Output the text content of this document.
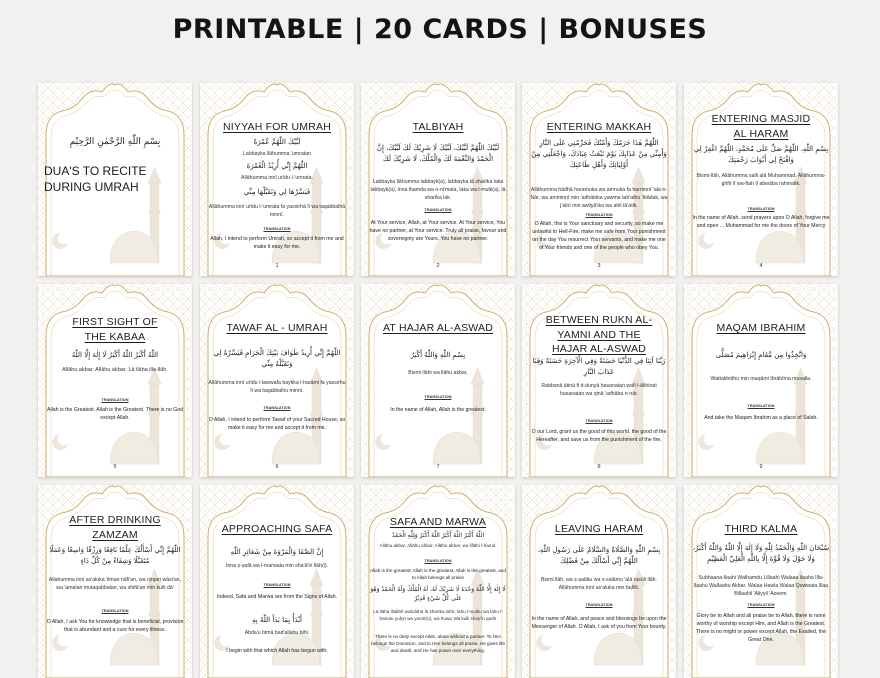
PRINTABLE | 20 CARDS | BONUSES
بِسْمِ اللّٰهِ الرَّحْمٰنِ الرَّحِيْمِ
DUA'S TO RECITE
DURING UMRAH
NIYYAH FOR UMRAH
لَبَّيْكَ اللّٰهُمَّ عُمْرَةً
Labbayka llāhumma 'umratan
اللّٰهُمَّ إِنِّي أُرِيْدُ الْعُمْرَةَ
Allāhumma innī urīdu l-'umrata.
فَيَسِّرْهَا لِي وَتَقَبَّلْهَا مِنِّي
Allāhumma innī urīdu l-'umrata fa yassirhā lī wa taqabbalhā minnī.
TRANSLATION
Allah, I intend to perform Umrah, so accept it from me and make it easy for me.
1
TALBIYAH
لَبَّيْكَ اللّٰهُمَّ لَبَّيْكَ، لَبَّيْكَ لَا شَرِيْكَ لَكَ لَبَّيْكَ، إِنَّ الْحَمْدَ وَالنِّعْمَةَ لَكَ وَالْمُلْكَ، لَا شَرِيْكَ لَكَ
Labbayka llāhumma labbayk(a), labbayka lā sharīka laka labbayk(a), inna lhamda wa n-ni'mata, laka wa l-mulk(a), lā sharīka lak.
TRANSLATION
At Your service, Allah, at Your service. At Your service, You have no partner, at Your service. Truly all praise, favour and sovereignty are Yours. You have no partner.
2
ENTERING MAKKAH
اللّٰهُمَّ هٰذَا حَرَمُكَ وَأَمْنُكَ فَحَرِّمْنِي عَلَى النَّارِ وَأَمِنِّي مِنْ عَذَابِكَ يَوْمَ تَبْعَثُ عِبَادَكَ، وَاجْعَلْنِي مِنْ أَوْلِيَائِكَ وَأَهْلِ طَاعَتِكَ
Allāhumma hādhā haramuka wa amnuka fa harrimnī 'ala-n-Nār, wa amminnī min 'adhābika yawma tab'athu 'ibādak, wa j'alnī min awliyā'ika wa ahli tā'atik.
TRANSLATION
O Allah, this is Your sanctuary and security, so make me unlawful to Hell-Fire, make me safe from Your punishment on the day You resurrect Your servants, and make me one of Your friends and one of the people who obey You.
3
ENTERING MASJID AL HARAM
بِسْمِ اللّٰهِ، اللّٰهُمَّ صَلِّ عَلَى مُحَمَّدٍ، اللّٰهُمَّ اغْفِرْ لِي وَافْتَحْ لِي أَبْوَابَ رَحْمَتِكَ
Bismi-llāh, Allāhumma salli alā Muhammad. Allāhumma-ghfir lī wa-ftah lī abwāba rahmatik.
TRANSLATION
In the name of Allah, send prayers upon O Allah, forgive me and open ... Muhammad for me the doors of Your Mercy
4
FIRST SIGHT OF THE KABAA
اللّٰهُ أَكْبَرُ اللّٰهُ أَكْبَرُ لَا إِلٰهَ إِلَّا اللّٰهُ
Allāhu akbar. Allāhu akbar. Lā ilāha illa-llāh.
TRANSLATION
Allah is the Greatest. Allah is the Greatest. There is no God except Allah.
5
TAWAF AL - UMRAH
اللّٰهُمَّ إِنِّي أُرِيدُ طَوَافَ بَيْتِكَ الْحَرَامِ فَيَسِّرْهُ لِي وَتَقَبَّلْهُ مِنِّي
Allāhumma innī urīdu l-tawwafa baytika l-harāmi fa yassirhu lī wa taqabbalhu minnī.
TRANSLATION
O Allah, I intend to perform Tawaf of your Sacred House, so make it easy for me and accept it from me.
6
AT HAJAR AL-ASWAD
بِسْمِ اللّٰهِ وَاللّٰهُ أَكْبَرُ
Bismi llāhi wa llāhu akbar,
TRANSLATION
In the name of Allah, Allah is the greatest.
7
BETWEEN RUKN AL-YAMNI AND THE HAJAR AL-ASWAD
رَبَّنَا آتِنَا فِي الدُّنْيَا حَسَنَةً وَفِي الْآخِرَةِ حَسَنَةً وَقِنَا عَذَابَ النَّارِ
Rabbanā ātinā fi d-dunyā ḥasanatan wafi l-ākhirati ḥasanatan wa qinā 'adhāba n-nār.
TRANSLATION
O our Lord, grant us the good of this world, the good of the Hereafter, and save us from the punishment of the fire.
8
MAQAM IBRAHIM
وَاتَّخِذُوا مِن مَّقَامِ إِبْرَاهِيمَ مُصَلًّى
Wattakhidhu min maqāmi Ibrāhīma musalla.
TRANSLATION
And take the Maqam Ibrahim as a place of Salah.
9
AFTER DRINKING ZAMZAM
اللّٰهُمَّ إِنِّي أَسْأَلُكَ عِلْمًا نَافِعًا وَرِزْقًا وَاسِعًا وَعَمَلًا مُتَقَبَّلًا وَشِفَاءً مِنْ كُلِّ دَاءٍ
Allahumma inni as'aluka 'ilman nāfi'an, wa rizqan wāsi'an, wa 'amalan mutaqabbalan, wa shifā'an min kulli dā'
TRANSLATION
O Allah, I ask You for knowledge that is beneficial, provision that is abundant and a cure for every illness.
APPROACHING SAFA
إِنَّ الصَّفَا وَالْمَرْوَةَ مِنْ شَعَائِرِ اللّٰهِ
Inna ṣ-ṣafā wa l-marwata min sha'ā'iri llāh(i).
TRANSLATION
Indeed, Safa and Marwa are from the Signs of Allah.
أَبْدَأُ بِمَا بَدَأَ اللّٰهُ بِهِ
Abda'u bimā bad'allahu bihi.
I begin with that which Allah has begun with.
SAFA AND MARWA
اللّٰهُ أَكْبَرُ اللّٰهُ أَكْبَرُ اللّٰهُ أَكْبَرُ وَلِلّٰهِ الْحَمْدُ
Allāhu akbar, Allāhu akbar, Allāhu akbar, wa lillāhi l-hamd.
TRANSLATION
Allah is the greatest; Allah is the greatest, Allah is the greatest, and to Allah belongs all praise
لَا إِلٰهَ إِلَّا اللّٰهُ وَحْدَهُ لَا شَرِيْكَ لَهُ، لَهُ الْمُلْكُ وَلَهُ الْحَمْدُ وَهُوَ عَلَى كُلِّ شَيْءٍ قَدِيْرٌ
Lā ilāha illallāh waḥdahū lā sharīka lahū, lahu l-mulku wa lahu l-ḥamdu yuḥyī wa yumīt(u), wa huwa 'alā kulli shay'in qadīr
There is no deity except Allah, alone without a partner. To Him belongs the Dominion, and to Him belongs all praise. He gives life and death, and He has power over everything.
LEAVING HARAM
بِسْمِ اللّٰهِ وَالصَّلَاةُ وَالسَّلَامُ عَلَى رَسُولِ اللّٰهِ، اللّٰهُمَّ إِنِّي أَسْأَلُكَ مِنْ فَضْلِكَ
Bismi llāh, wa ṣ-ṣalātu wa s-salāmu 'alā rasūli llāh. Allāhumma innī as'aluka min faḍlik.
TRANSLATION
In the name of Allah, and peace and blessings be upon the Messenger of Allah. O Allah, I ask of you from Your bounty.
THIRD KALMA
سُبْحَانَ اللّٰهِ وَالْحَمْدُ لِلّٰهِ وَلَا إِلٰهَ إِلَّا اللّٰهُ وَاللّٰهُ أَكْبَرُ، وَلَا حَوْلَ وَلَا قُوَّةَ إِلَّا بِاللّٰهِ الْعَلِيِّ الْعَظِيْمِ
Subhaana-llaahi Walhamdu Lillaahi Walaaa ilaaha Illa-llaahu Wallaahu Akbar. Walaa Hawla Walaa Quwwata Illaa Billaahil 'Aliyyil 'Azeem.
TRANSLATION
Glory be to Allah and all praise be to Allah, there is none worthy of worship except Him, and Allah is the Greatest. There is no might or power except Allah, the Exalted, the Great One.
